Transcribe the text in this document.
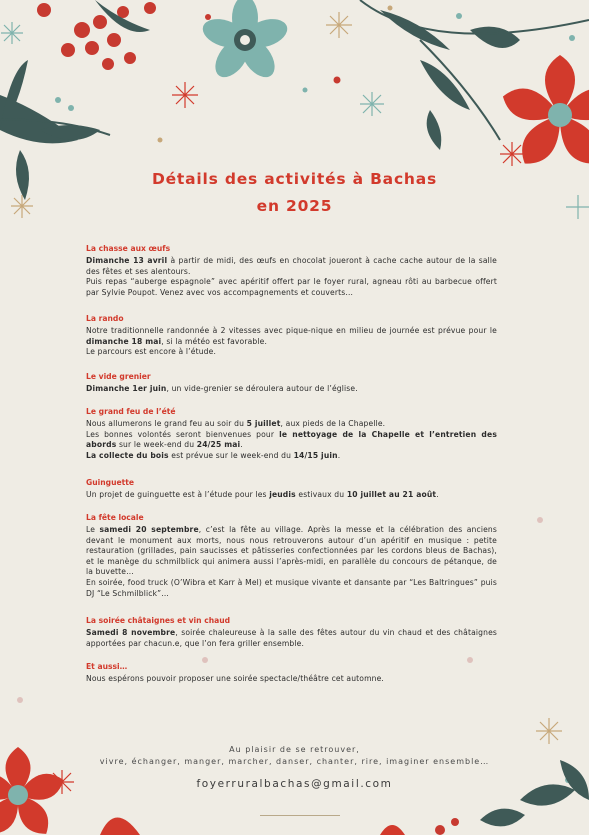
Détails des activités à Bachas
en 2025

La chasse aux œufs

Dimanche 13 avril à partir de midi, des œufs en chocolat joueront à cache cache autour de la salle des fêtes et ses alentours.

Puis repas “auberge espagnole” avec apéritif offert par le foyer rural, agneau rôti au barbecue offert par Sylvie Poupot. Venez avec vos accompagnements et couverts…

La rando

Notre traditionnelle randonnée à 2 vitesses avec pique-nique en milieu de journée est prévue pour le dimanche 18 mai, si la météo est favorable.

Le parcours est encore à l’étude.

Le vide grenier

Dimanche 1er juin, un vide-grenier se déroulera autour de l’église.

Le grand feu de l’été

Nous allumerons le grand feu au soir du 5 juillet, aux pieds de la Chapelle.

Les bonnes volontés seront bienvenues pour le nettoyage de la Chapelle et l’entretien des abords sur le week-end du 24/25 mai.

La collecte du bois est prévue sur le week-end du 14/15 juin.

Guinguette

Un projet de guinguette est à l’étude pour les jeudis estivaux du 10 juillet au 21 août.

La fête locale

Le samedi 20 septembre, c’est la fête au village. Après la messe et la célébration des anciens devant le monument aux morts, nous nous retrouverons autour d’un apéritif en musique : petite restauration (grillades, pain saucisses et pâtisseries confectionnées par les cordons bleus de Bachas), et le manège du schmilblick qui animera aussi l’après-midi, en parallèle du concours de pétanque, de la buvette…

En soirée, food truck (O’Wibra et Karr à Mel) et musique vivante et dansante par “Les Baltringues” puis DJ “Le Schmilblick”…

La soirée châtaignes et vin chaud

Samedi 8 novembre, soirée chaleureuse à la salle des fêtes autour du vin chaud et des châtaignes apportées par chacun.e, que l’on fera griller ensemble.

Et aussi…

Nous espérons pouvoir proposer une soirée spectacle/théâtre cet automne.

Au plaisir de se retrouver,
vivre, échanger, manger, marcher, danser, chanter, rire, imaginer ensemble…
foyerruralbachas@gmail.com
